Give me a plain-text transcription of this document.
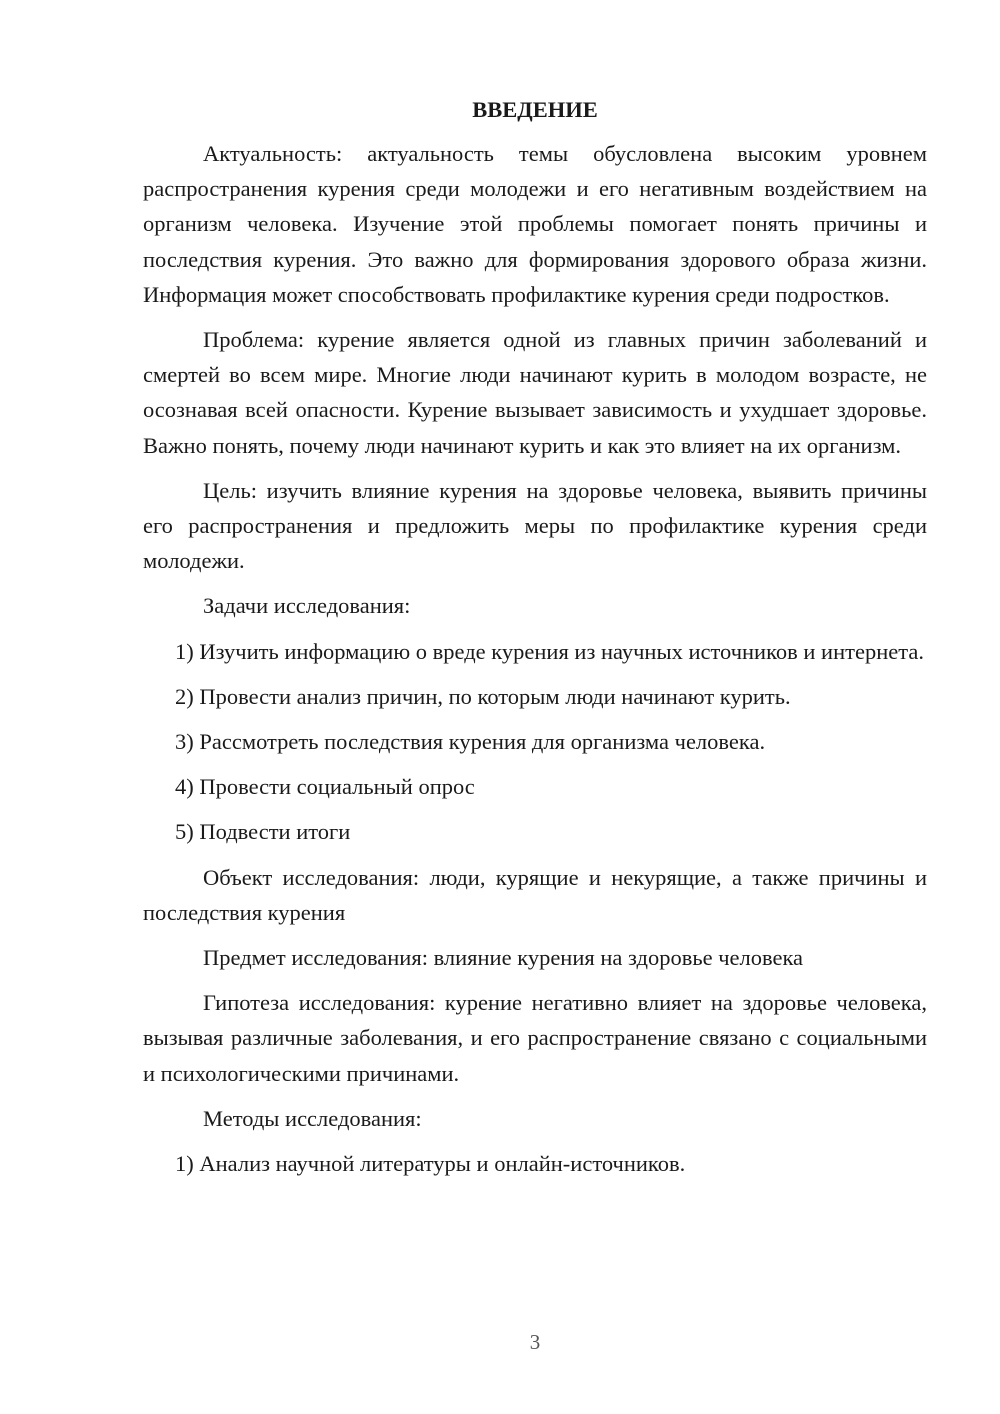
ВВЕДЕНИЕ

Актуальность: актуальность темы обусловлена высоким уровнем распространения курения среди молодежи и его негативным воздействием на организм человека. Изучение этой проблемы помогает понять причины и последствия курения. Это важно для формирования здорового образа жизни. Информация может способствовать профилактике курения среди подростков.

Проблема: курение является одной из главных причин заболеваний и смертей во всем мире. Многие люди начинают курить в молодом возрасте, не осознавая всей опасности. Курение вызывает зависимость и ухудшает здоровье. Важно понять, почему люди начинают курить и как это влияет на их организм.

Цель: изучить влияние курения на здоровье человека, выявить причины его распространения и предложить меры по профилактике курения среди молодежи.

Задачи исследования:

1) Изучить информацию о вреде курения из научных источников и интернета.

2) Провести анализ причин, по которым люди начинают курить.

3) Рассмотреть последствия курения для организма человека.

4) Провести социальный опрос

5) Подвести итоги

Объект исследования: люди, курящие и некурящие, а также причины и последствия курения

Предмет исследования: влияние курения на здоровье человека

Гипотеза исследования: курение негативно влияет на здоровье человека, вызывая различные заболевания, и его распространение связано с социальными и психологическими причинами.

Методы исследования:

1) Анализ научной литературы и онлайн-источников.

3
